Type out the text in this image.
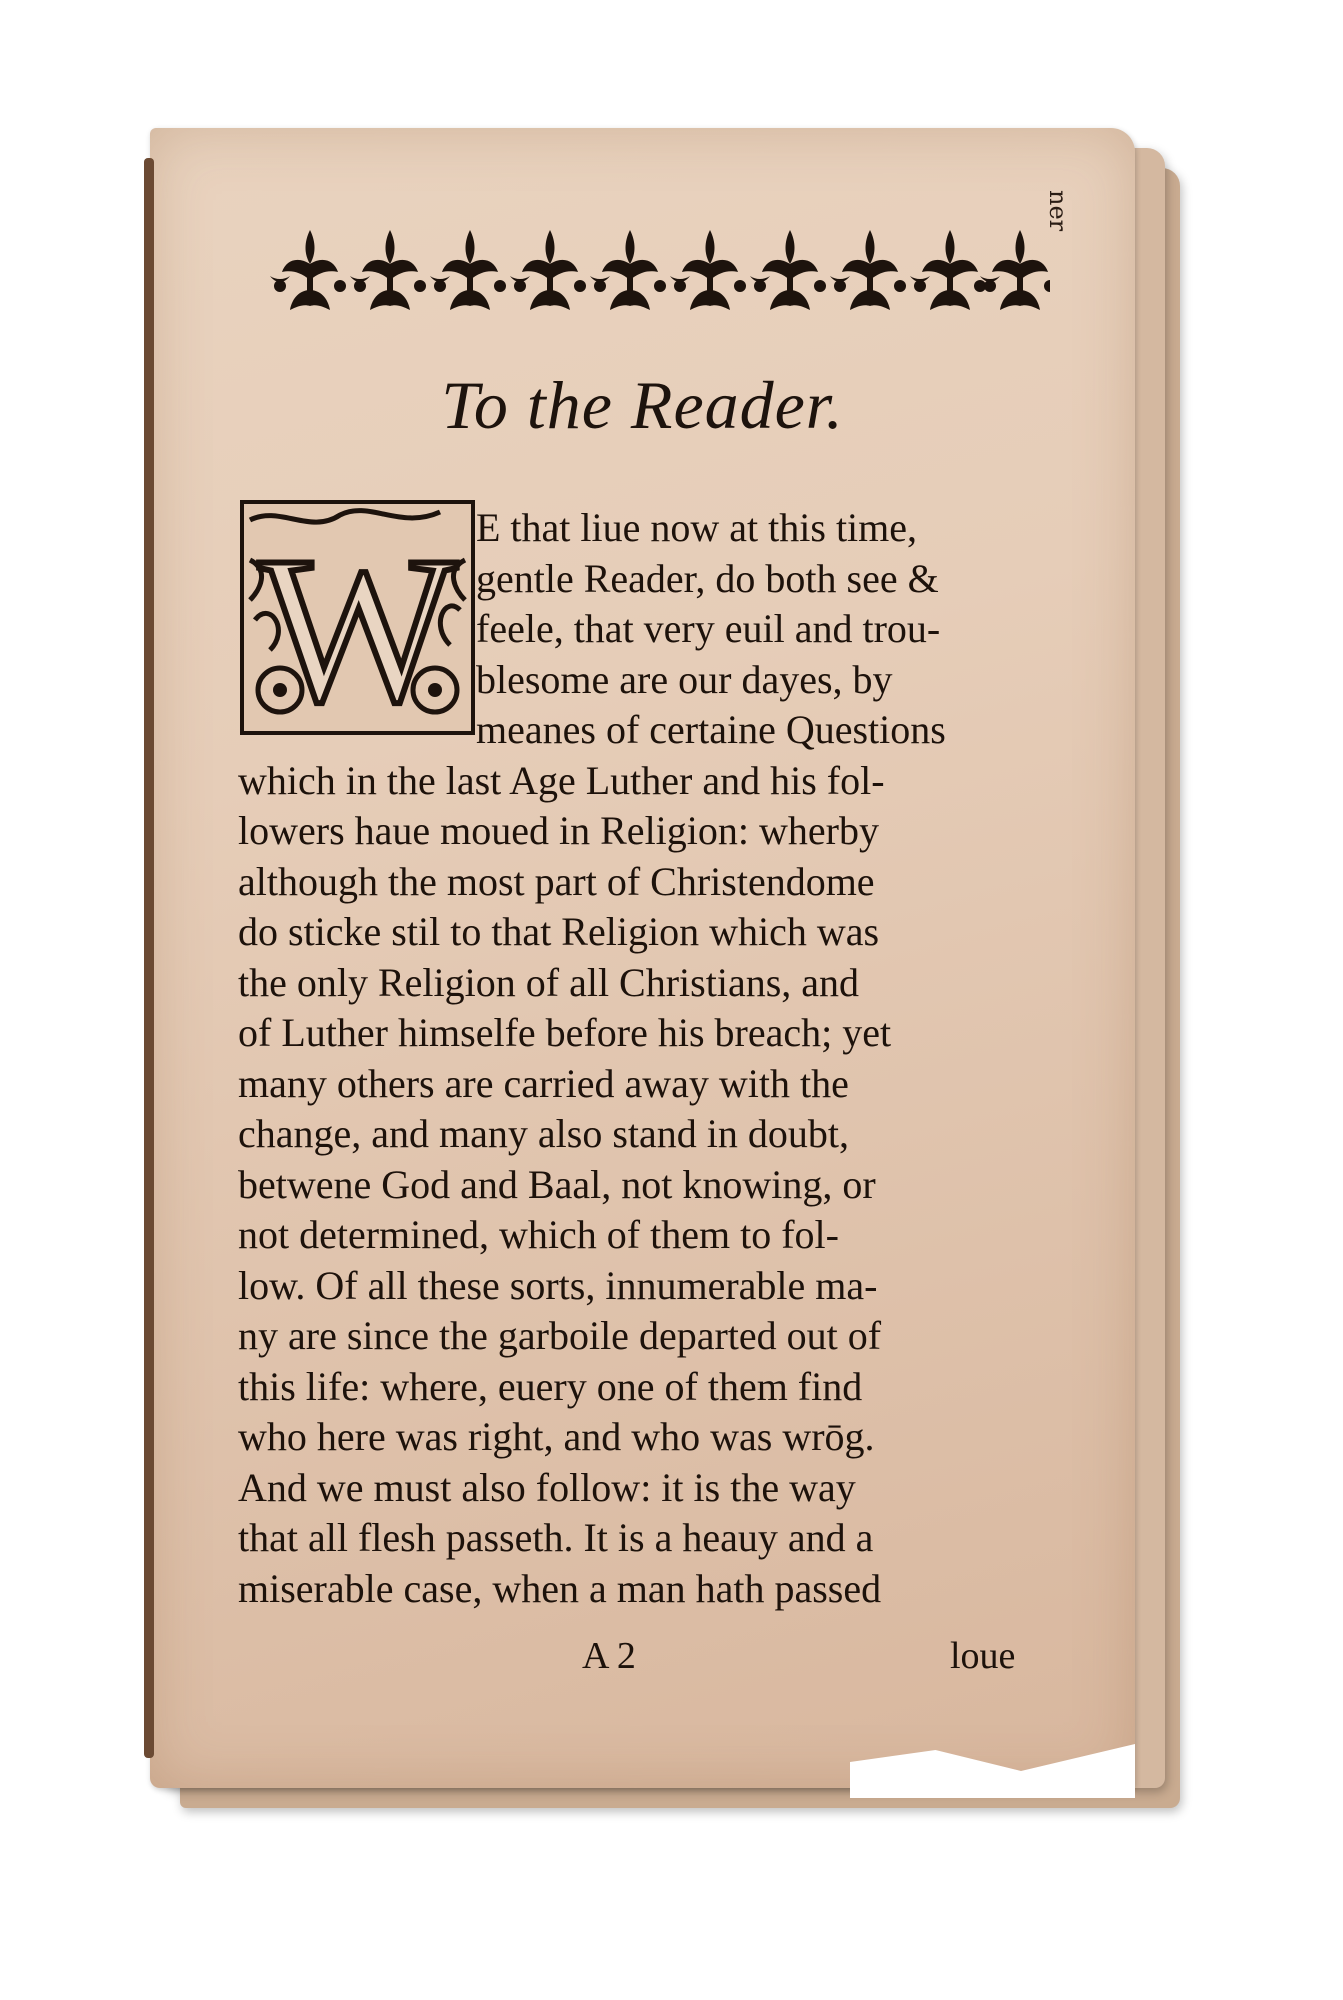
ner
To the Reader.
W E that liue now at this time,
gentle Reader, do both see &
feele, that very euil and trou-
blesome are our dayes, by
meanes of certaine Questions
which in the last Age Luther and his fol-
lowers haue moued in Religion: wherby
although the most part of Christendome
do sticke stil to that Religion which was
the only Religion of all Christians, and
of Luther himselfe before his breach; yet
many others are carried away with the
change, and many also stand in doubt,
betwene God and Baal, not knowing, or
not determined, which of them to fol-
low. Of all these sorts, innumerable ma-
ny are since the garboile departed out of
this life: where, euery one of them find
who here was right, and who was wrōg.
And we must also follow: it is the way
that all flesh passeth. It is a heauy and a
miserable case, when a man hath passed
A 2	loue
